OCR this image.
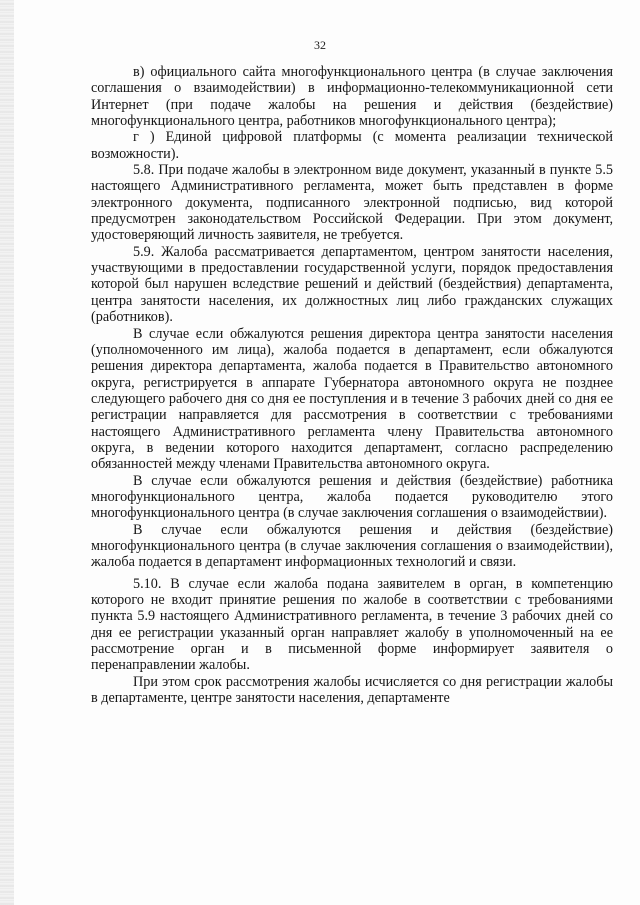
32

в) официального сайта многофункционального центра (в случае заключения соглашения о взаимодействии) в информационно-телекоммуникационной сети Интернет (при подаче жалобы на решения и действия (бездействие) многофункционального центра, работников многофункционального центра);

г ) Единой цифровой платформы (с момента реализации технической возможности).

5.8. При подаче жалобы в электронном виде документ, указанный в пункте 5.5 настоящего Административного регламента, может быть представлен в форме электронного документа, подписанного электронной подписью, вид которой предусмотрен законодательством Российской Федерации. При этом документ, удостоверяющий личность заявителя, не требуется.

5.9. Жалоба рассматривается департаментом, центром занятости населения, участвующими в предоставлении государственной услуги, порядок предоставления которой был нарушен вследствие решений и действий (бездействия) департамента, центра занятости населения, их должностных лиц либо гражданских служащих (работников).

В случае если обжалуются решения директора центра занятости населения (уполномоченного им лица), жалоба подается в департамент, если обжалуются решения директора департамента, жалоба подается в Правительство автономного округа, регистрируется в аппарате Губернатора автономного округа не позднее следующего рабочего дня со дня ее поступления и в течение 3 рабочих дней со дня ее регистрации направляется для рассмотрения в соответствии с требованиями настоящего Административного регламента члену Правительства автономного округа, в ведении которого находится департамент, согласно распределению обязанностей между членами Правительства автономного округа.

В случае если обжалуются решения и действия (бездействие) работника многофункционального центра, жалоба подается руководителю этого многофункционального центра (в случае заключения соглашения о взаимодействии).

В случае если обжалуются решения и действия (бездействие) многофункционального центра (в случае заключения соглашения о взаимодействии), жалоба подается в департамент информационных технологий и связи.

5.10. В случае если жалоба подана заявителем в орган, в компетенцию которого не входит принятие решения по жалобе в соответствии с требованиями пункта 5.9 настоящего Административного регламента, в течение 3 рабочих дней со дня ее регистрации указанный орган направляет жалобу в уполномоченный на ее рассмотрение орган и в письменной форме информирует заявителя о перенаправлении жалобы.

При этом срок рассмотрения жалобы исчисляется со дня регистрации жалобы в департаменте, центре занятости населения, департаменте
